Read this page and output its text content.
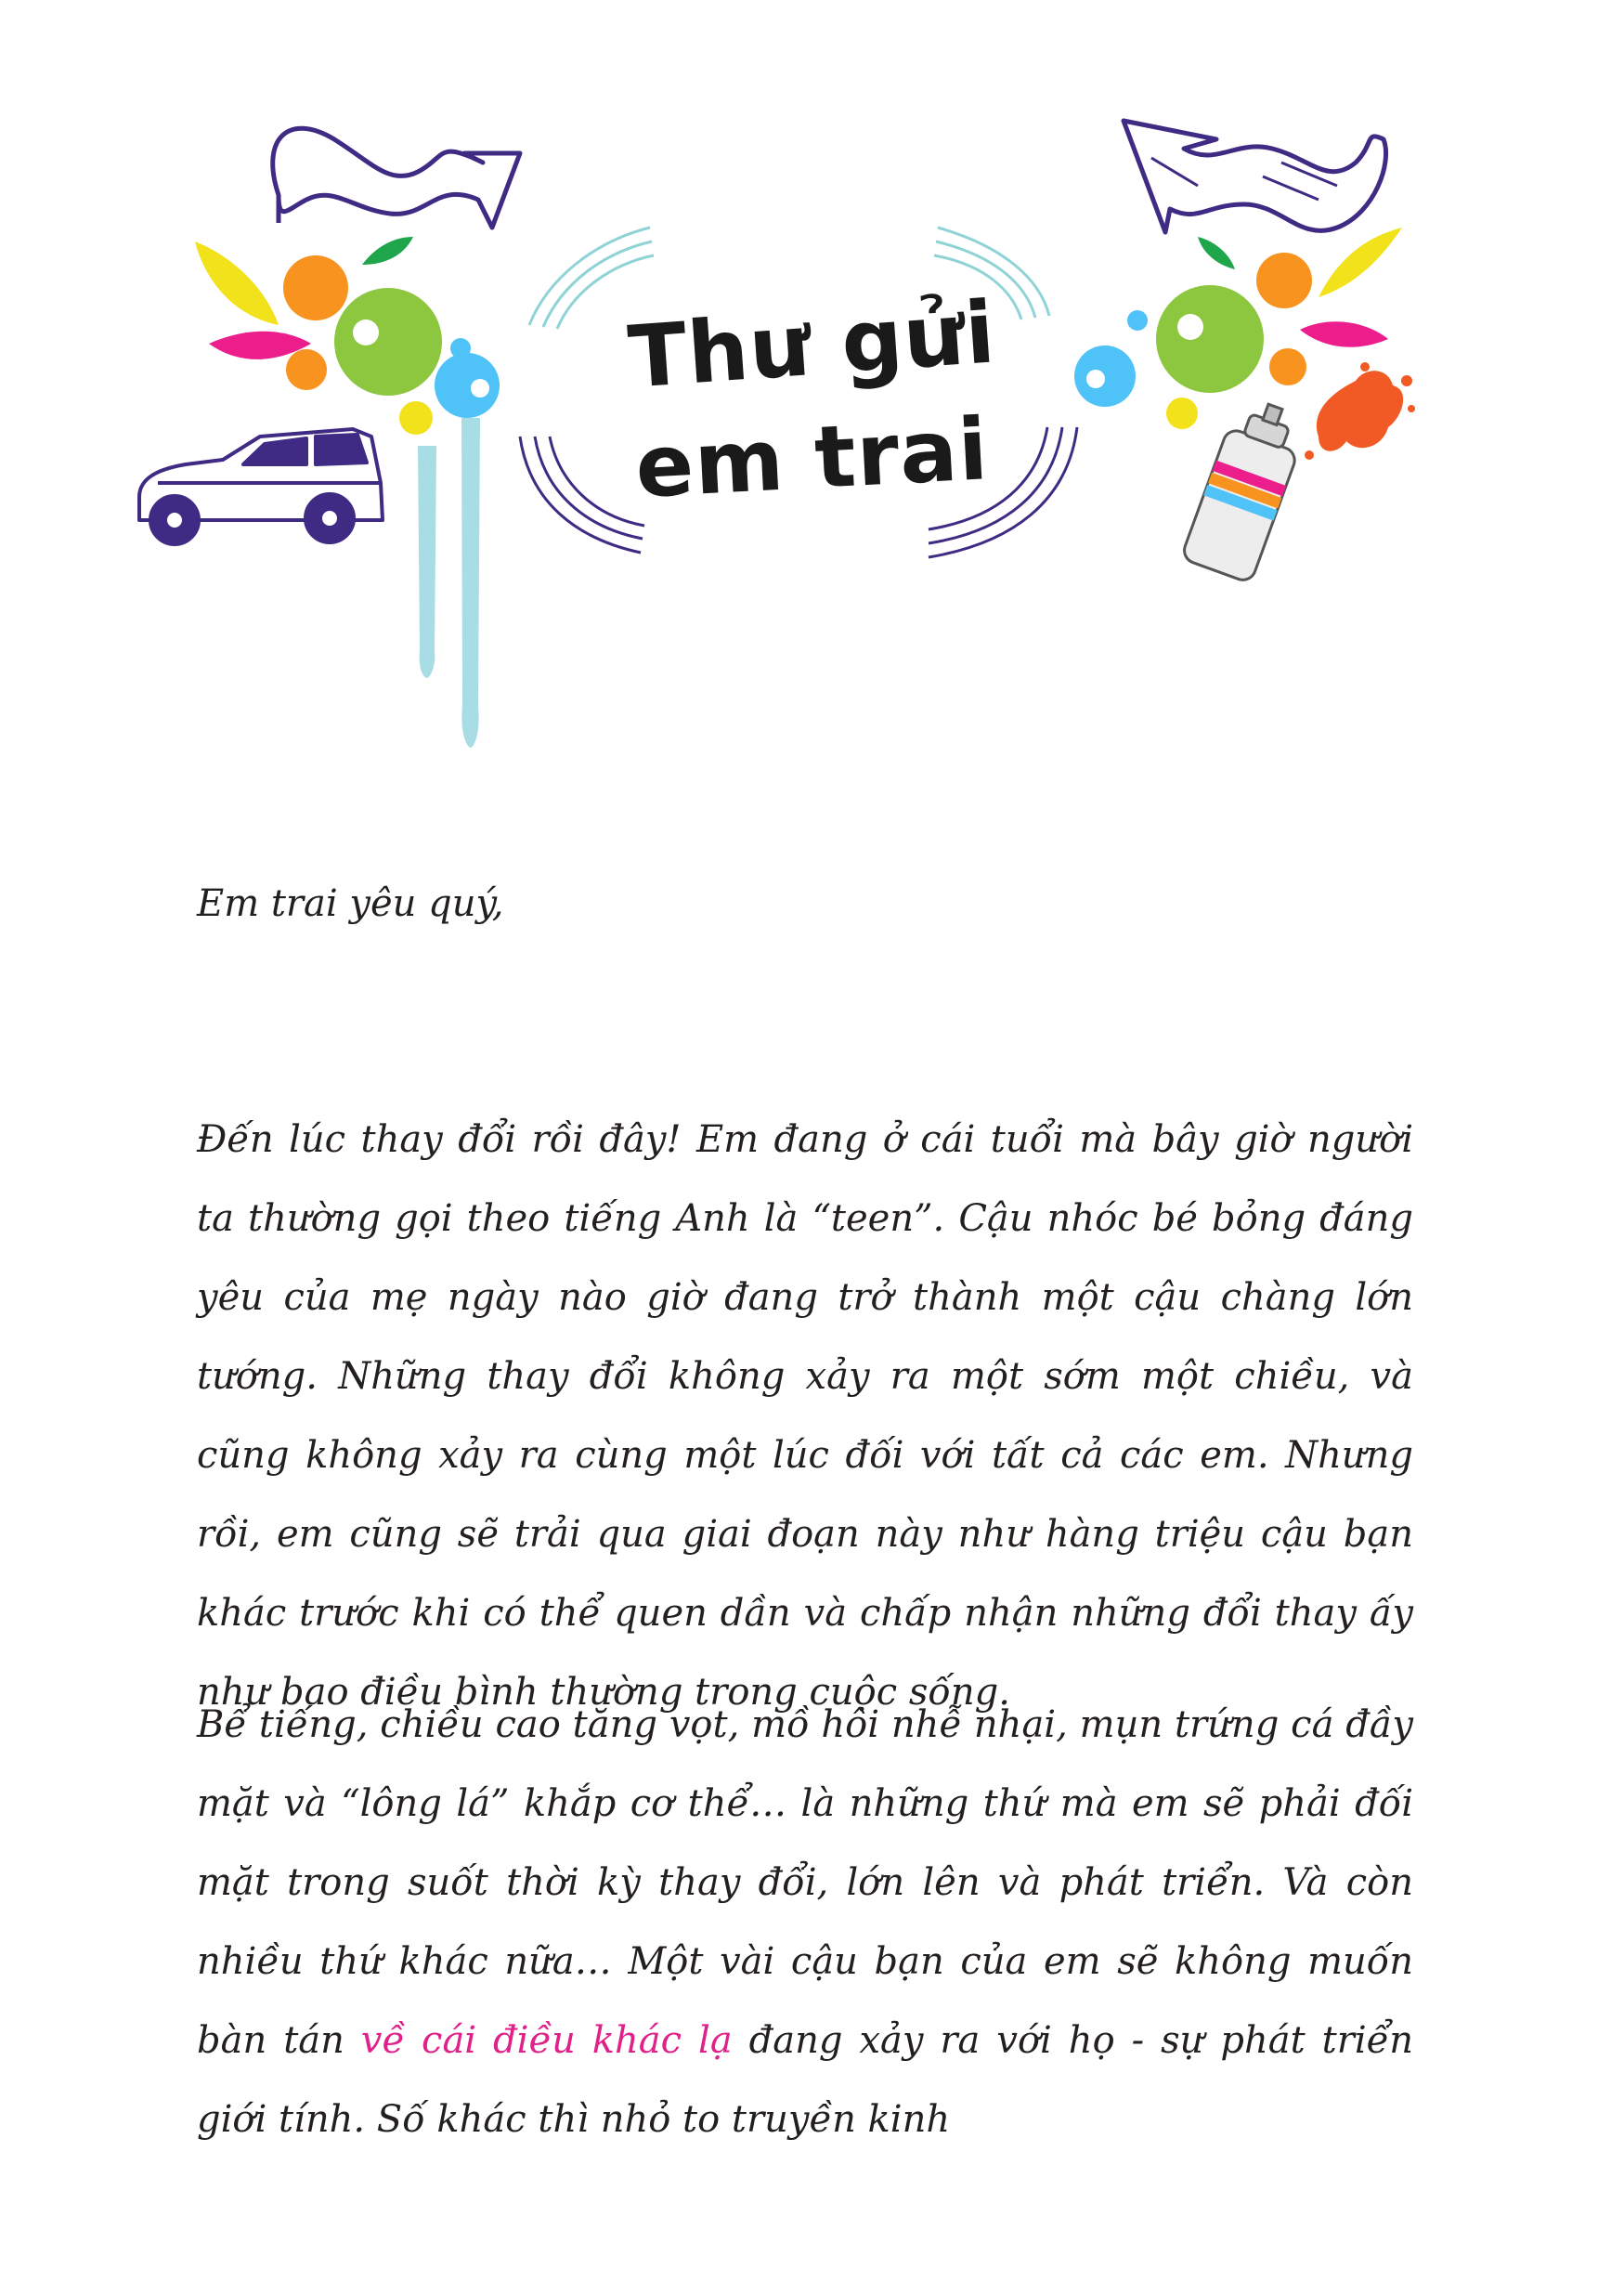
Thư gửi
em trai
Em trai yêu quý,
Đến lúc thay đổi rồi đây! Em đang ở cái tuổi mà bây giờ người ta thường gọi theo tiếng Anh là “teen”. Cậu nhóc bé bỏng đáng yêu của mẹ ngày nào giờ đang trở thành một cậu chàng lớn tướng. Những thay đổi không xảy ra một sớm một chiều, và cũng không xảy ra cùng một lúc đối với tất cả các em. Nhưng rồi, em cũng sẽ trải qua giai đoạn này như hàng triệu cậu bạn khác trước khi có thể quen dần và chấp nhận những đổi thay ấy như bao điều bình thường trong cuộc sống.
Bể tiếng, chiều cao tăng vọt, mồ hôi nhễ nhại, mụn trứng cá đầy mặt và “lông lá” khắp cơ thể… là những thứ mà em sẽ phải đối mặt trong suốt thời kỳ thay đổi, lớn lên và phát triển. Và còn nhiều thứ khác nữa… Một vài cậu bạn của em sẽ không muốn bàn tán về cái điều khác lạ đang xảy ra với họ - sự phát triển giới tính. Số khác thì nhỏ to truyền kinh
